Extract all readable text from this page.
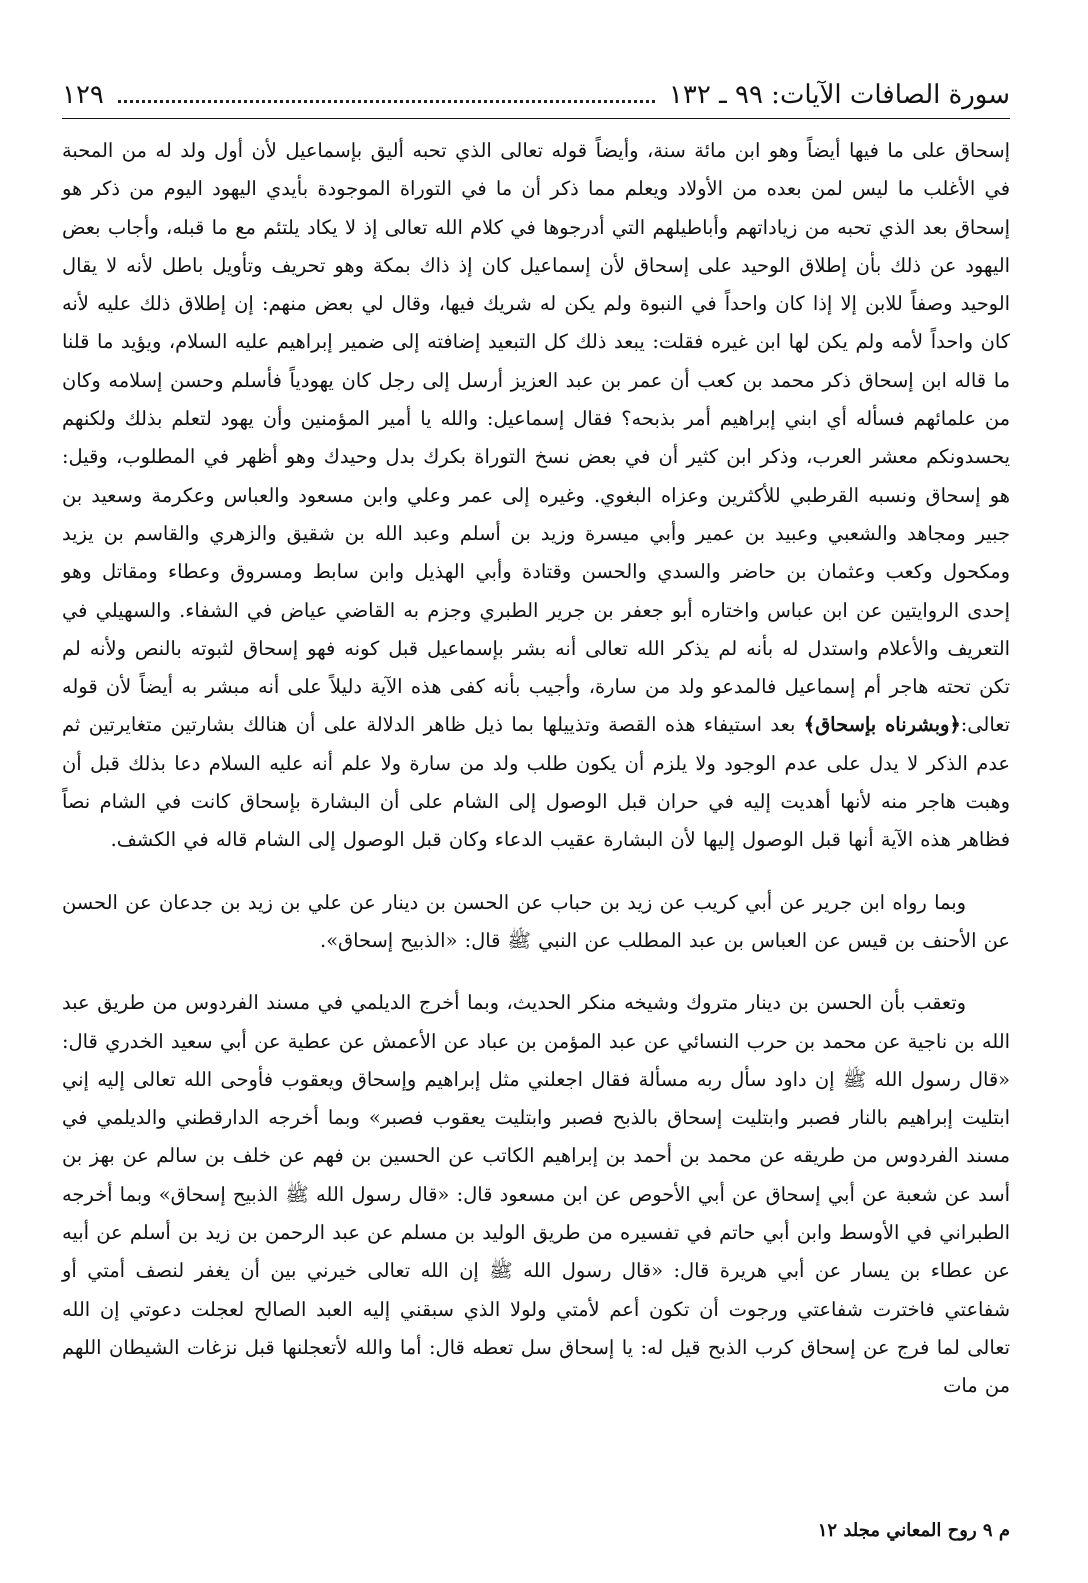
سورة الصافات الآيات: ٩٩ ـ ١٣٢
١٢٩

إسحاق على ما فيها أيضاً وهو ابن مائة سنة، وأيضاً قوله تعالى الذي تحبه أليق بإسماعيل لأن أول ولد له من المحبة في الأغلب ما ليس لمن بعده من الأولاد ويعلم مما ذكر أن ما في التوراة الموجودة بأيدي اليهود اليوم من ذكر هو إسحاق بعد الذي تحبه من زياداتهم وأباطيلهم التي أدرجوها في كلام الله تعالى إذ لا يكاد يلتئم مع ما قبله، وأجاب بعض اليهود عن ذلك بأن إطلاق الوحيد على إسحاق لأن إسماعيل كان إذ ذاك بمكة وهو تحريف وتأويل باطل لأنه لا يقال الوحيد وصفاً للابن إلا إذا كان واحداً في النبوة ولم يكن له شريك فيها، وقال لي بعض منهم: إن إطلاق ذلك عليه لأنه كان واحداً لأمه ولم يكن لها ابن غيره فقلت: يبعد ذلك كل التبعيد إضافته إلى ضمير إبراهيم عليه السلام، ويؤيد ما قلنا ما قاله ابن إسحاق ذكر محمد بن كعب أن عمر بن عبد العزيز أرسل إلى رجل كان يهودياً فأسلم وحسن إسلامه وكان من علمائهم فسأله أي ابني إبراهيم أمر بذبحه؟ فقال إسماعيل: والله يا أمير المؤمنين وأن يهود لتعلم بذلك ولكنهم يحسدونكم معشر العرب، وذكر ابن كثير أن في بعض نسخ التوراة بكرك بدل وحيدك وهو أظهر في المطلوب، وقيل: هو إسحاق ونسبه القرطبي للأكثرين وعزاه البغوي. وغيره إلى عمر وعلي وابن مسعود والعباس وعكرمة وسعيد بن جبير ومجاهد والشعبي وعبيد بن عمير وأبي ميسرة وزيد بن أسلم وعبد الله بن شقيق والزهري والقاسم بن يزيد ومكحول وكعب وعثمان بن حاضر والسدي والحسن وقتادة وأبي الهذيل وابن سابط ومسروق وعطاء ومقاتل وهو إحدى الروايتين عن ابن عباس واختاره أبو جعفر بن جرير الطبري وجزم به القاضي عياض في الشفاء. والسهيلي في التعريف والأعلام واستدل له بأنه لم يذكر الله تعالى أنه بشر بإسماعيل قبل كونه فهو إسحاق لثبوته بالنص ولأنه لم تكن تحته هاجر أم إسماعيل فالمدعو ولد من سارة، وأجيب بأنه كفى هذه الآية دليلاً على أنه مبشر به أيضاً لأن قوله تعالى:﴿وبشرناه بإسحاق﴾ بعد استيفاء هذه القصة وتذييلها بما ذيل ظاهر الدلالة على أن هنالك بشارتين متغايرتين ثم عدم الذكر لا يدل على عدم الوجود ولا يلزم أن يكون طلب ولد من سارة ولا علم أنه عليه السلام دعا بذلك قبل أن وهبت هاجر منه لأنها أهديت إليه في حران قبل الوصول إلى الشام على أن البشارة بإسحاق كانت في الشام نصاً فظاهر هذه الآية أنها قبل الوصول إليها لأن البشارة عقيب الدعاء وكان قبل الوصول إلى الشام قاله في الكشف.

وبما رواه ابن جرير عن أبي كريب عن زيد بن حباب عن الحسن بن دينار عن علي بن زيد بن جدعان عن الحسن عن الأحنف بن قيس عن العباس بن عبد المطلب عن النبي ﷺ قال: «الذبيح إسحاق».

وتعقب بأن الحسن بن دينار متروك وشيخه منكر الحديث، وبما أخرج الديلمي في مسند الفردوس من طريق عبد الله بن ناجية عن محمد بن حرب النسائي عن عبد المؤمن بن عباد عن الأعمش عن عطية عن أبي سعيد الخدري قال: «قال رسول الله ﷺ إن داود سأل ربه مسألة فقال اجعلني مثل إبراهيم وإسحاق ويعقوب فأوحى الله تعالى إليه إني ابتليت إبراهيم بالنار فصبر وابتليت إسحاق بالذبح فصبر وابتليت يعقوب فصبر» وبما أخرجه الدارقطني والديلمي في مسند الفردوس من طريقه عن محمد بن أحمد بن إبراهيم الكاتب عن الحسين بن فهم عن خلف بن سالم عن بهز بن أسد عن شعبة عن أبي إسحاق عن أبي الأحوص عن ابن مسعود قال: «قال رسول الله ﷺ الذبيح إسحاق» وبما أخرجه الطبراني في الأوسط وابن أبي حاتم في تفسيره من طريق الوليد بن مسلم عن عبد الرحمن بن زيد بن أسلم عن أبيه عن عطاء بن يسار عن أبي هريرة قال: «قال رسول الله ﷺ إن الله تعالى خيرني بين أن يغفر لنصف أمتي أو شفاعتي فاخترت شفاعتي ورجوت أن تكون أعم لأمتي ولولا الذي سبقني إليه العبد الصالح لعجلت دعوتي إن الله تعالى لما فرج عن إسحاق كرب الذبح قيل له: يا إسحاق سل تعطه قال: أما والله لأتعجلنها قبل نزغات الشيطان اللهم من مات

م ٩ روح المعاني مجلد ١٢
